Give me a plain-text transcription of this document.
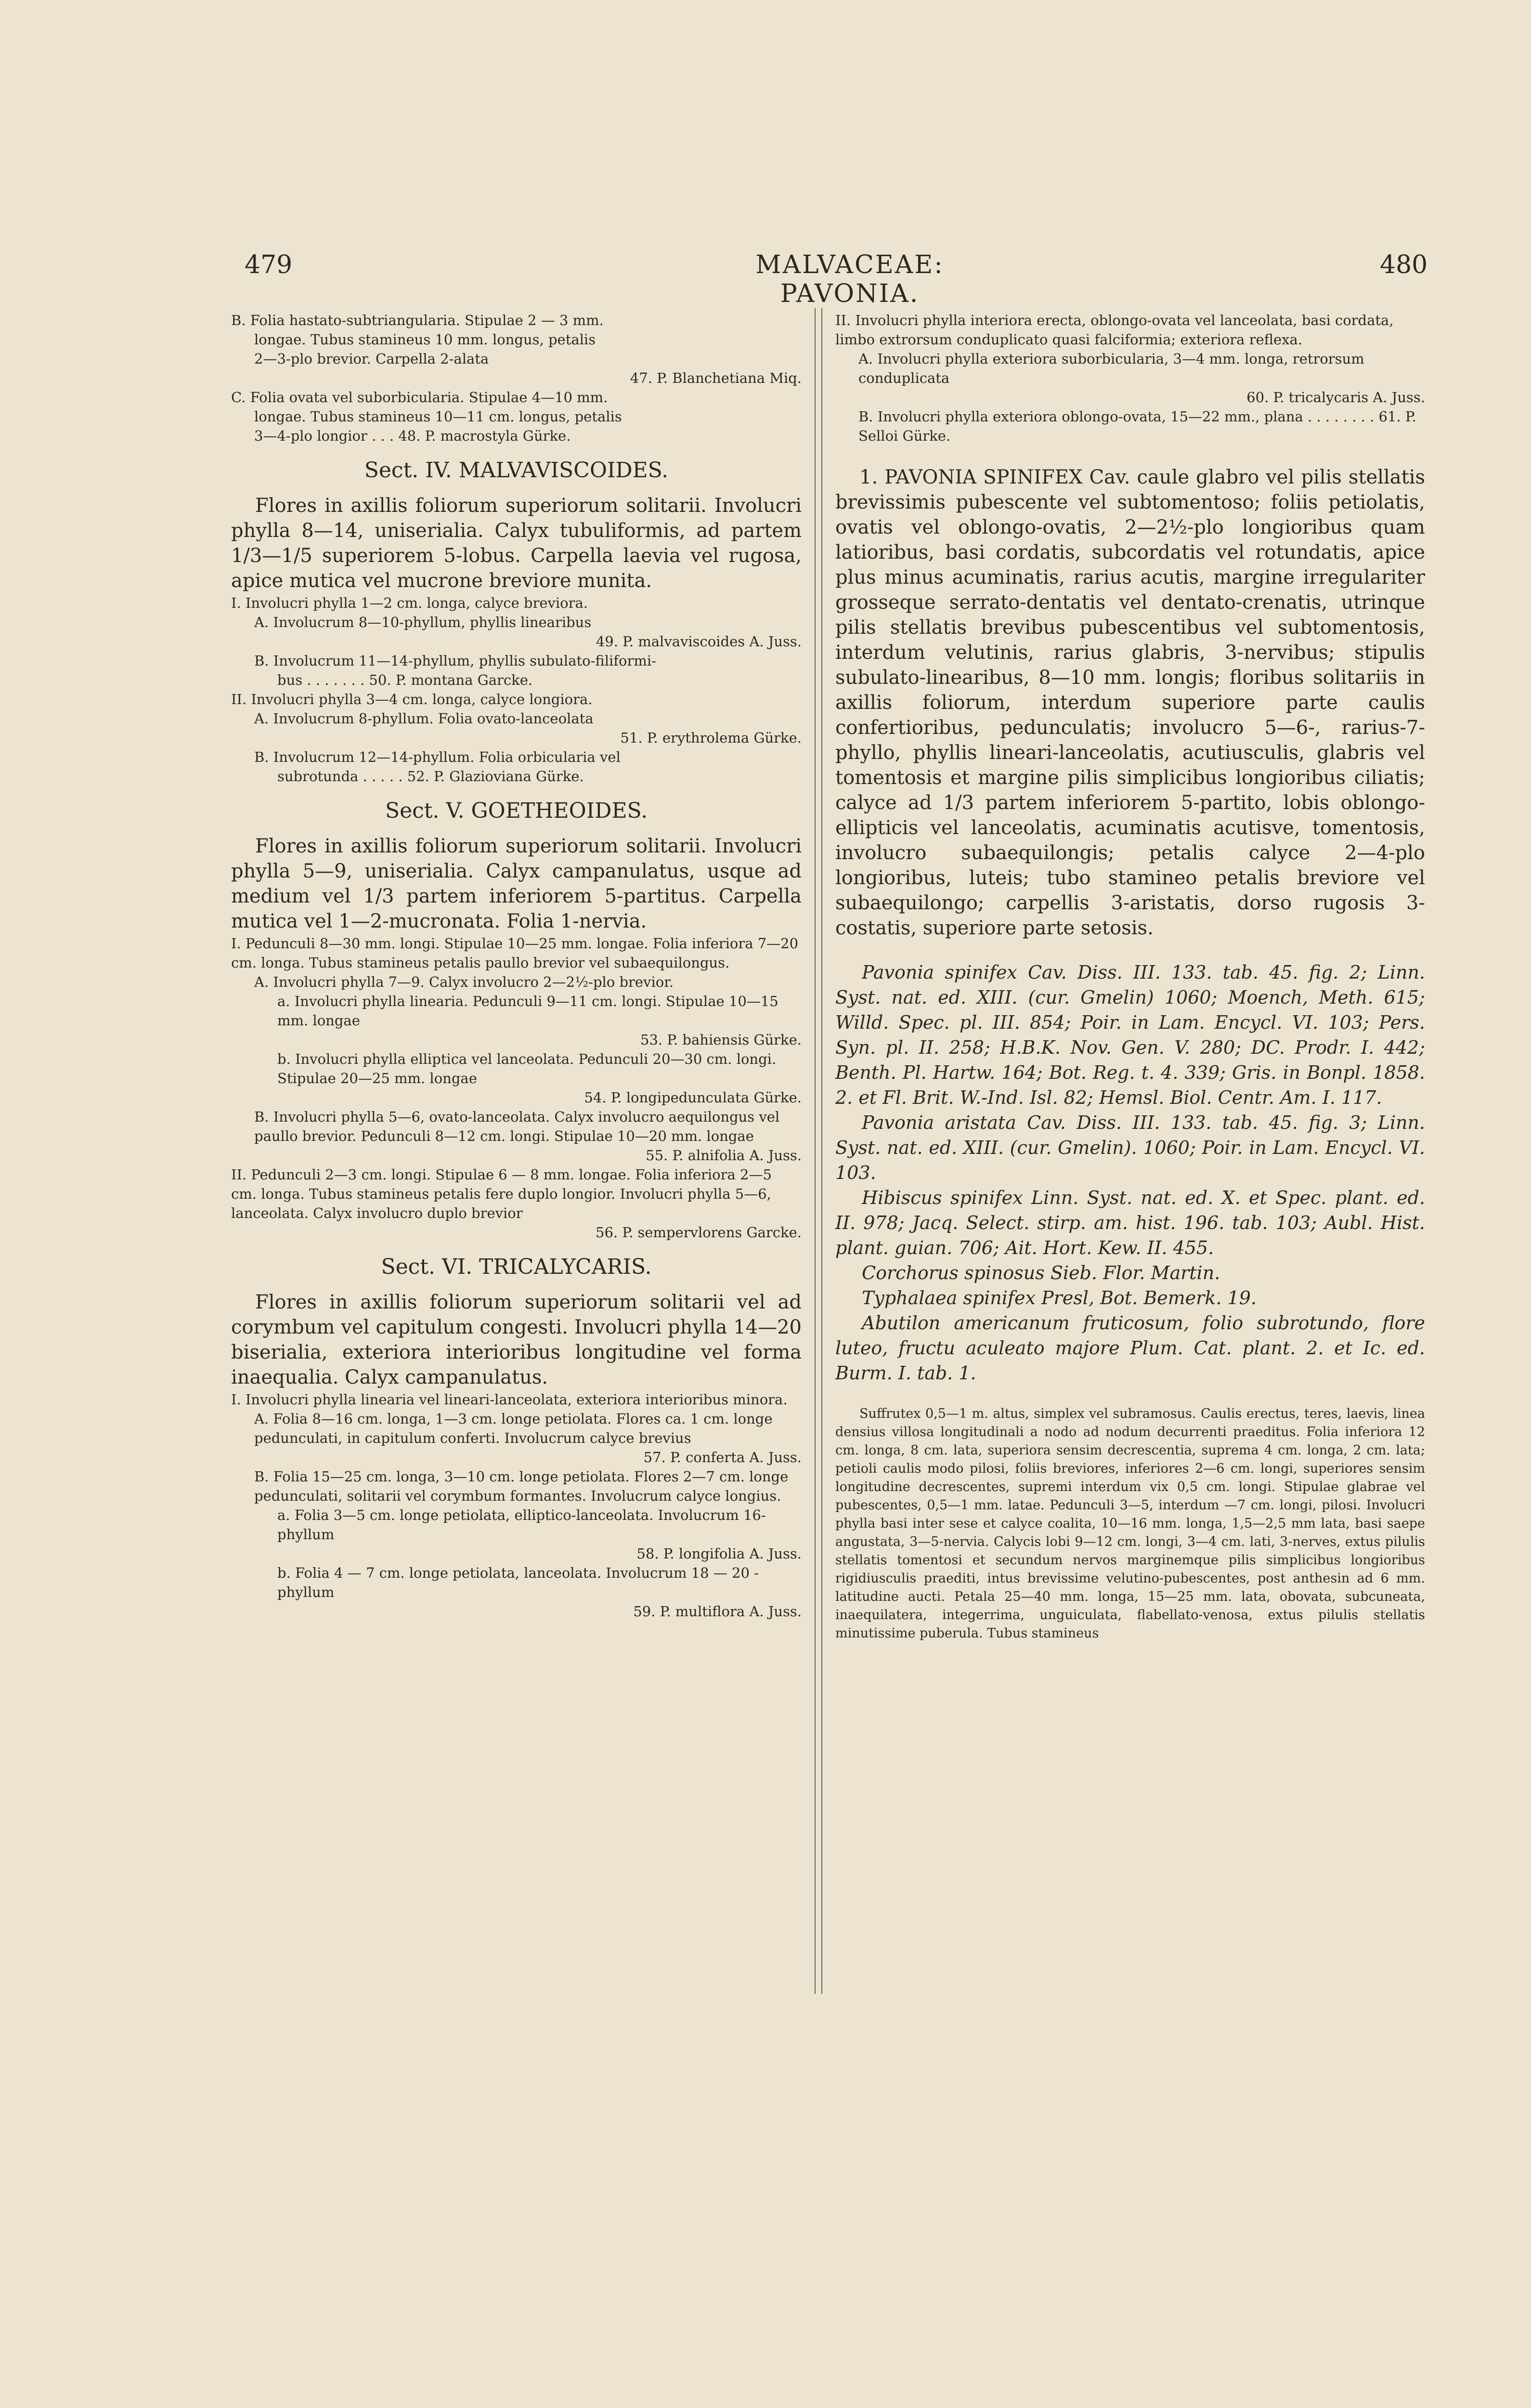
479	MALVACEAE: PAVONIA.
480
B. Folia hastato-subtriangularia. Stipulae 2 — 3 mm.
longae. Tubus stamineus 10 mm. longus, petalis
2—3-plo brevior. Carpella 2-alata
47. P. Blanchetiana Miq.
C. Folia ovata vel suborbicularia. Stipulae 4—10 mm.
longae. Tubus stamineus 10—11 cm. longus, petalis
3—4-plo longior . . . 48. P. macrostyla Gürke.
Sect. IV. MALVAVISCOIDES.
Flores in axillis foliorum superiorum solitarii. Involucri phylla 8—14, uniserialia. Calyx tubuliformis, ad partem 1/3—1/5 superiorem 5-lobus. Carpella laevia vel rugosa, apice mutica vel mucrone breviore munita.
I. Involucri phylla 1—2 cm. longa, calyce breviora.
A. Involucrum 8—10-phyllum, phyllis linearibus
49. P. malvaviscoides A. Juss.
B. Involucrum 11—14-phyllum, phyllis subulato-filiformi-
bus . . . . . . . 50. P. montana Garcke.
II. Involucri phylla 3—4 cm. longa, calyce longiora.
A. Involucrum 8-phyllum. Folia ovato-lanceolata
51. P. erythrolema Gürke.
B. Involucrum 12—14-phyllum. Folia orbicularia vel
subrotunda . . . . . 52. P. Glazioviana Gürke.
Sect. V. GOETHEOIDES.
Flores in axillis foliorum superiorum solitarii. Involucri phylla 5—9, uniserialia. Calyx campanulatus, usque ad medium vel 1/3 partem inferiorem 5-partitus. Carpella mutica vel 1—2-mucronata. Folia 1-nervia.
I. Pedunculi 8—30 mm. longi. Stipulae 10—25 mm. longae. Folia inferiora 7—20 cm. longa. Tubus stamineus petalis paullo brevior vel subaequilongus.
A. Involucri phylla 7—9. Calyx involucro 2—2½-plo brevior.
a. Involucri phylla linearia. Pedunculi 9—11 cm. longi. Stipulae 10—15 mm. longae
53. P. bahiensis Gürke.
b. Involucri phylla elliptica vel lanceolata. Pedunculi 20—30 cm. longi. Stipulae 20—25 mm. longae
54. P. longipedunculata Gürke.
B. Involucri phylla 5—6, ovato-lanceolata. Calyx involucro aequilongus vel paullo brevior. Pedunculi 8—12 cm. longi. Stipulae 10—20 mm. longae
55. P. alnifolia A. Juss.
II. Pedunculi 2—3 cm. longi. Stipulae 6 — 8 mm. longae. Folia inferiora 2—5 cm. longa. Tubus stamineus petalis fere duplo longior. Involucri phylla 5—6, lanceolata. Calyx involucro duplo brevior
56. P. sempervlorens Garcke.
Sect. VI. TRICALYCARIS.
Flores in axillis foliorum superiorum solitarii vel ad corymbum vel capitulum congesti. Involucri phylla 14—20 biserialia, exteriora interioribus longitudine vel forma inaequalia. Calyx campanulatus.
I. Involucri phylla linearia vel lineari-lanceolata, exteriora interioribus minora.
A. Folia 8—16 cm. longa, 1—3 cm. longe petiolata. Flores ca. 1 cm. longe pedunculati, in capitulum conferti. Involucrum calyce brevius
57. P. conferta A. Juss.
B. Folia 15—25 cm. longa, 3—10 cm. longe petiolata. Flores 2—7 cm. longe pedunculati, solitarii vel corymbum formantes. Involucrum calyce longius.
a. Folia 3—5 cm. longe petiolata, elliptico-lanceolata. Involucrum 16-phyllum
58. P. longifolia A. Juss.
b. Folia 4 — 7 cm. longe petiolata, lanceolata. Involucrum 18 — 20 - phyllum
59. P. multiflora A. Juss.
II. Involucri phylla interiora erecta, oblongo-ovata vel lanceolata, basi cordata, limbo extrorsum conduplicato quasi falciformia; exteriora reflexa.
A. Involucri phylla exteriora suborbicularia, 3—4 mm. longa, retrorsum conduplicata
60. P. tricalycaris A. Juss.
B. Involucri phylla exteriora oblongo-ovata, 15—22 mm., plana . . . . . . . . 61. P. Selloi Gürke.
1. PAVONIA SPINIFEX Cav. caule glabro vel pilis stellatis brevissimis pubescente vel subtomentoso; foliis petiolatis, ovatis vel oblongo-ovatis, 2—2½-plo longioribus quam latioribus, basi cordatis, subcordatis vel rotundatis, apice plus minus acuminatis, rarius acutis, margine irregulariter grosseque serrato-dentatis vel dentato-crenatis, utrinque pilis stellatis brevibus pubescentibus vel subtomentosis, interdum velutinis, rarius glabris, 3-nervibus; stipulis subulato-linearibus, 8—10 mm. longis; floribus solitariis in axillis foliorum, interdum superiore parte caulis confertioribus, pedunculatis; involucro 5—6-, rarius-7-phyllo, phyllis lineari-lanceolatis, acutiusculis, glabris vel tomentosis et margine pilis simplicibus longioribus ciliatis; calyce ad 1/3 partem inferiorem 5-partito, lobis oblongo-ellipticis vel lanceolatis, acuminatis acutisve, tomentosis, involucro subaequilongis; petalis calyce 2—4-plo longioribus, luteis; tubo stamineo petalis breviore vel subaequilongo; carpellis 3-aristatis, dorso rugosis 3-costatis, superiore parte setosis.
Pavonia spinifex Cav. Diss. III. 133. tab. 45. fig. 2; Linn. Syst. nat. ed. XIII. (cur. Gmelin) 1060; Moench, Meth. 615; Willd. Spec. pl. III. 854; Poir. in Lam. Encycl. VI. 103; Pers. Syn. pl. II. 258; H.B.K. Nov. Gen. V. 280; DC. Prodr. I. 442; Benth. Pl. Hartw. 164; Bot. Reg. t. 4. 339; Gris. in Bonpl. 1858. 2. et Fl. Brit. W.-Ind. Isl. 82; Hemsl. Biol. Centr. Am. I. 117.
Pavonia aristata Cav. Diss. III. 133. tab. 45. fig. 3; Linn. Syst. nat. ed. XIII. (cur. Gmelin). 1060; Poir. in Lam. Encycl. VI. 103.
Hibiscus spinifex Linn. Syst. nat. ed. X. et Spec. plant. ed. II. 978; Jacq. Select. stirp. am. hist. 196. tab. 103; Aubl. Hist. plant. guian. 706; Ait. Hort. Kew. II. 455.
Corchorus spinosus Sieb. Flor. Martin.
Typhalaea spinifex Presl, Bot. Bemerk. 19.
Abutilon americanum fruticosum, folio subrotundo, flore luteo, fructu aculeato majore Plum. Cat. plant. 2. et Ic. ed. Burm. I. tab. 1.
Suffrutex 0,5—1 m. altus, simplex vel subramosus. Caulis erectus, teres, laevis, linea densius villosa longitudinali a nodo ad nodum decurrenti praeditus. Folia inferiora 12 cm. longa, 8 cm. lata, superiora sensim decrescentia, suprema 4 cm. longa, 2 cm. lata; petioli caulis modo pilosi, foliis breviores, inferiores 2—6 cm. longi, superiores sensim longitudine decrescentes, supremi interdum vix 0,5 cm. longi. Stipulae glabrae vel pubescentes, 0,5—1 mm. latae. Pedunculi 3—5, interdum —7 cm. longi, pilosi. Involucri phylla basi inter sese et calyce coalita, 10—16 mm. longa, 1,5—2,5 mm lata, basi saepe angustata, 3—5-nervia. Calycis lobi 9—12 cm. longi, 3—4 cm. lati, 3-nerves, extus pilulis stellatis tomentosi et secundum nervos marginemque pilis simplicibus longioribus rigidiusculis praediti, intus brevissime velutino-pubescentes, post anthesin ad 6 mm. latitudine aucti. Petala 25—40 mm. longa, 15—25 mm. lata, obovata, subcuneata, inaequilatera, integerrima, unguiculata, flabellato-venosa, extus pilulis stellatis minutissime puberula. Tubus stamineus
